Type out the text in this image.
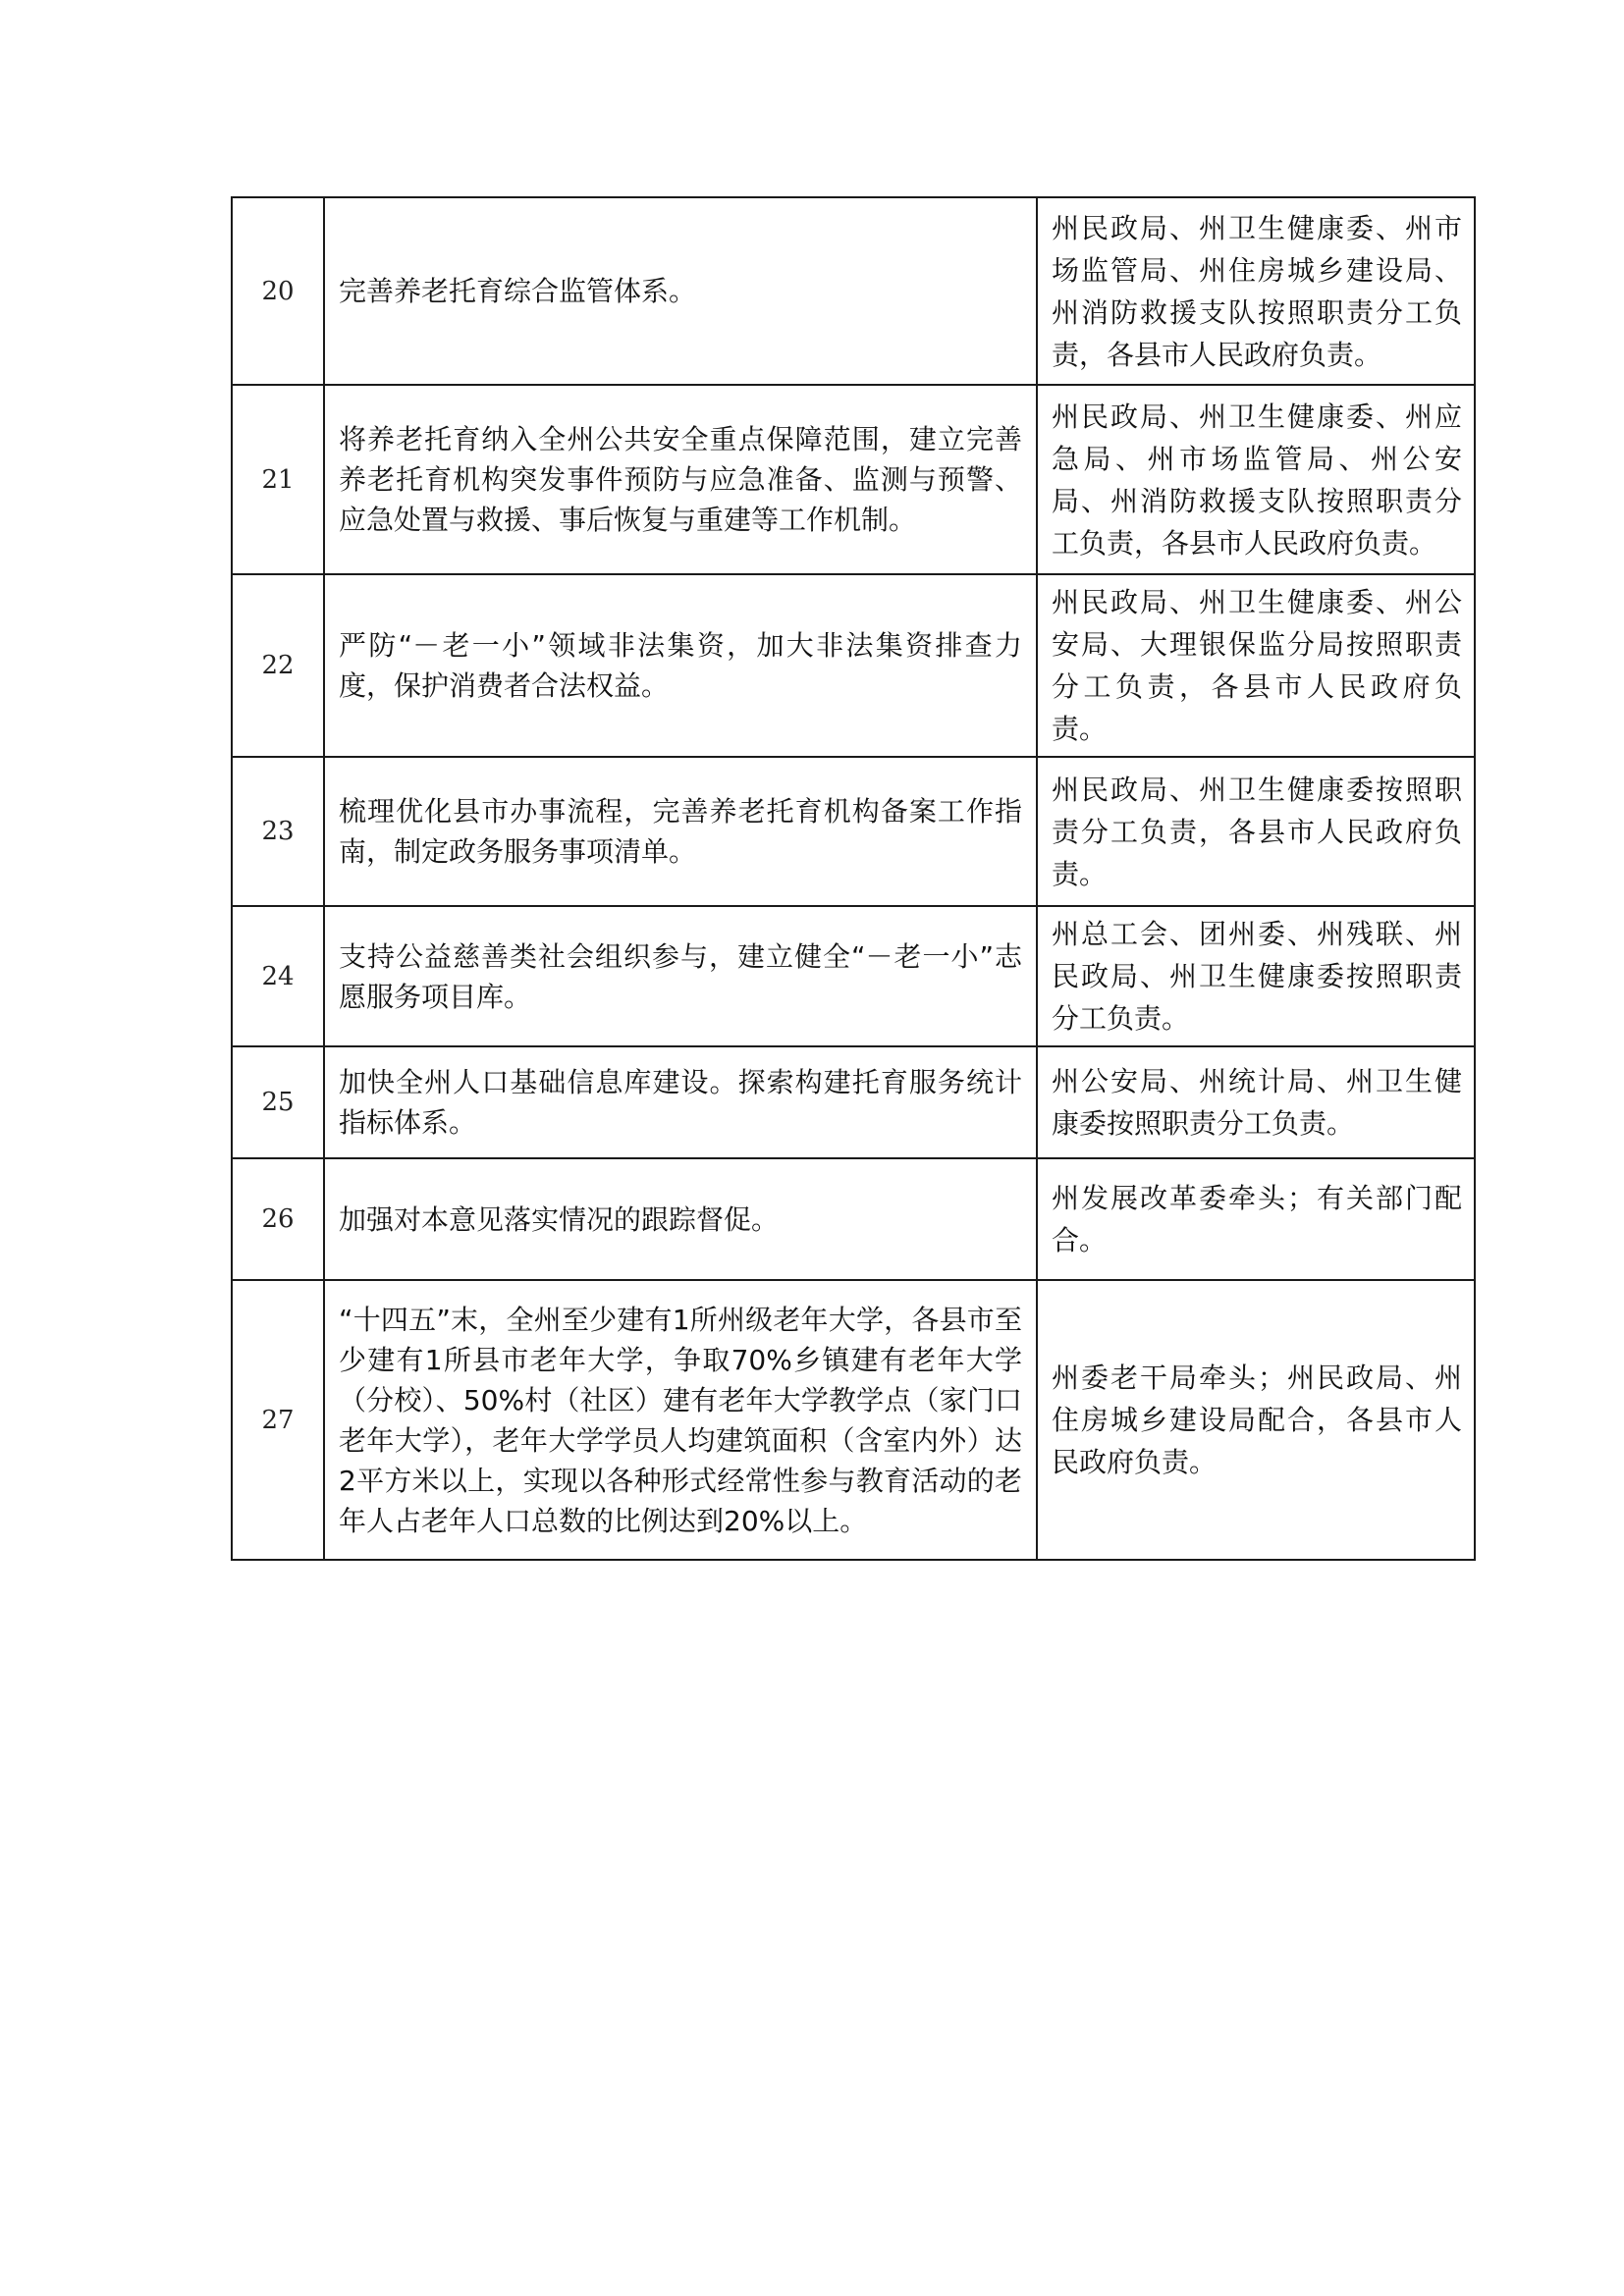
20	完善养老托育综合监管体系。	州民政局、州卫生健康委、州市场监管局、州住房城乡建设局、州消防救援支队按照职责分工负责，各县市人民政府负责。

21	将养老托育纳入全州公共安全重点保障范围，建立完善养老托育机构突发事件预防与应急准备、监测与预警、应急处置与救援、事后恢复与重建等工作机制。	州民政局、州卫生健康委、州应急局、州市场监管局、州公安局、州消防救援支队按照职责分工负责，各县市人民政府负责。

22	严防“－老一小”领域非法集资，加大非法集资排查力度，保护消费者合法权益。	州民政局、州卫生健康委、州公安局、大理银保监分局按照职责分工负责，各县市人民政府负责。

23	梳理优化县市办事流程，完善养老托育机构备案工作指南，制定政务服务事项清单。	州民政局、州卫生健康委按照职责分工负责，各县市人民政府负责。

24	支持公益慈善类社会组织参与，建立健全“－老一小”志愿服务项目库。	州总工会、团州委、州残联、州民政局、州卫生健康委按照职责分工负责。

25	加快全州人口基础信息库建设。探索构建托育服务统计指标体系。	州公安局、州统计局、州卫生健康委按照职责分工负责。

26	加强对本意见落实情况的跟踪督促。	州发展改革委牵头；有关部门配合。

27	“十四五”末，全州至少建有1所州级老年大学，各县市至少建有1所县市老年大学，争取70%乡镇建有老年大学（分校）、50%村（社区）建有老年大学教学点（家门口老年大学），老年大学学员人均建筑面积（含室内外）达2平方米以上，实现以各种形式经常性参与教育活动的老年人占老年人口总数的比例达到20%以上。	州委老干局牵头；州民政局、州住房城乡建设局配合，各县市人民政府负责。
